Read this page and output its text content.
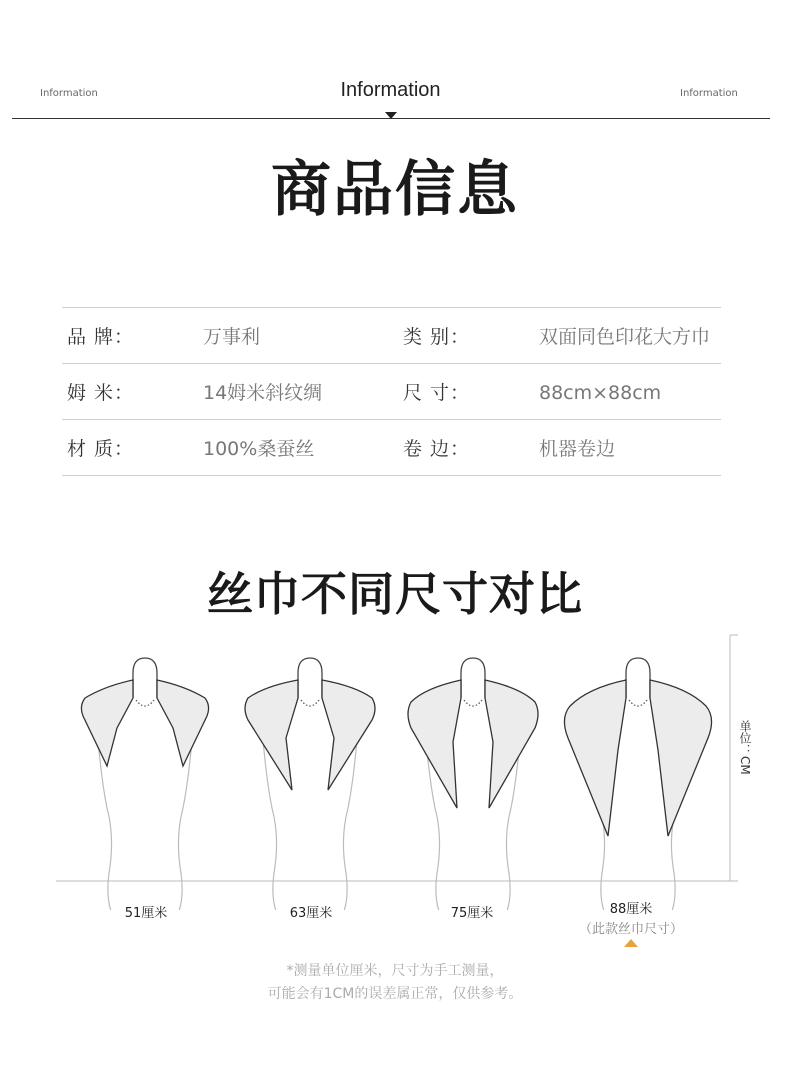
Information	Information	Information
商品信息
品 牌：	万事利	类 别：	双面同色印花大方巾
姆 米：	14姆米斜纹绸	尺 寸：	88cm×88cm
材 质：	100%桑蚕丝	卷 边：	机器卷边
丝巾不同尺寸对比
单位：CM
51厘米	63厘米	75厘米	88厘米
（此款丝巾尺寸）
*测量单位厘米，尺寸为手工测量，
可能会有1CM的误差属正常，仅供参考。
